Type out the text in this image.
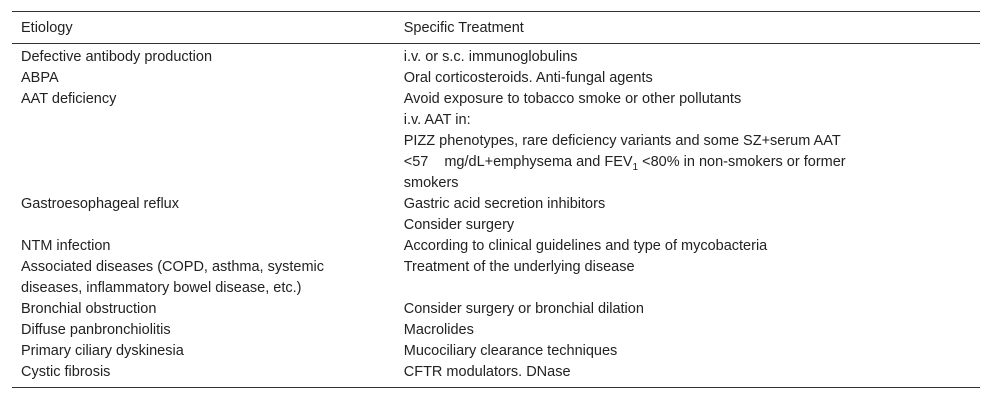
Etiology	Specific Treatment
Defective antibody production	i.v. or s.c. immunoglobulins

ABPA	Oral corticosteroids. Anti-fungal agents

AAT deficiency	Avoid exposure to tobacco smoke or other pollutants
i.v. AAT in:
PIZZ phenotypes, rare deficiency variants and some SZ+serum AAT
<57 mg/dL+emphysema and $FEV_1 <80\%$ in non-smokers or former
smokers

Gastroesophageal reflux	Gastric acid secretion inhibitors
Consider surgery

NTM infection	According to clinical guidelines and type of mycobacteria

Associated diseases (COPD, asthma, systemic
diseases, inflammatory bowel disease, etc.)	Treatment of the underlying disease

Bronchial obstruction	Consider surgery or bronchial dilation

Diffuse panbronchiolitis	Macrolides

Primary ciliary dyskinesia	Mucociliary clearance techniques

Cystic fibrosis	CFTR modulators. DNase
